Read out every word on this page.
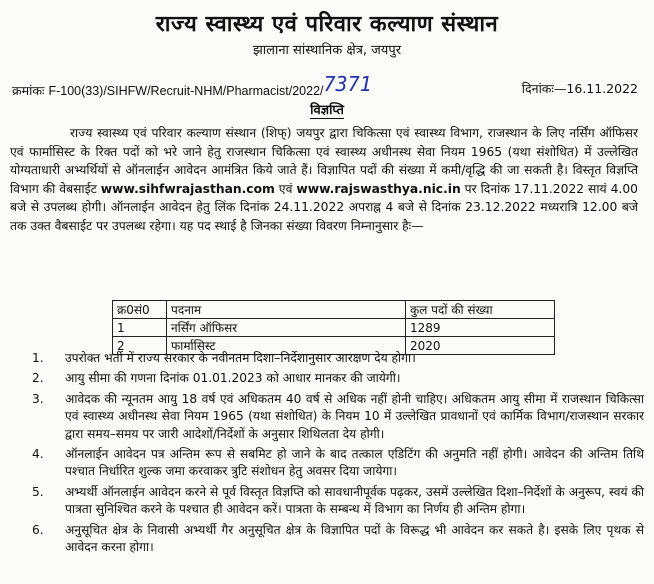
राज्य स्वास्थ्य एवं परिवार कल्याण संस्थान
झालाना सांस्थानिक क्षेत्र, जयपुर
क्रमांकः F-100(33)/SIHFW/Recruit-NHM/Pharmacist/2022/7371	दिनांकः—16.11.2022
विज्ञप्ति
राज्य स्वास्थ्य एवं परिवार कल्याण संस्थान (शिफ्) जयपुर द्वारा चिकित्सा एवं स्वास्थ्य विभाग, राजस्थान के लिए नर्सिंग ऑफिसर एवं फार्मासिस्ट के रिक्त पदों को भरे जाने हेतु राजस्थान चिकित्सा एवं स्वास्थ्य अधीनस्थ सेवा नियम 1965 (यथा संशोधित) में उल्लेखित योग्यताधारी अभ्यर्थियों से ऑनलाईन आवेदन आमंत्रित किये जाते हैं। विज्ञापित पदों की संख्या में कमी/वृद्धि की जा सकती है। विस्तृत विज्ञप्ति विभाग की वेबसाईट www.sihfwrajasthan.com एवं www.rajswasthya.nic.in पर दिनांक 17.11.2022 सायं 4.00 बजे से उपलब्ध होगी। ऑनलाईन आवेदन हेतु लिंक दिनांक 24.11.2022 अपराह्न 4 बजे से दिनांक 23.12.2022 मध्यरात्रि 12.00 बजे तक उक्त वैबसाईट पर उपलब्ध रहेगा। यह पद स्थाई है जिनका संख्या विवरण निम्नानुसार हैः—
क्र0सं0	पदनाम	कुल पदों की संख्या
1	नर्सिंग ऑफिसर	1289
2	फार्मासिस्ट	2020
1.	उपरोक्त भर्ती में राज्य सरकार के नवीनतम दिशा–निर्देशानुसार आरक्षण देय होगा।
2.	आयु सीमा की गणना दिनांक 01.01.2023 को आधार मानकर की जायेगी।
3.	आवेदक की न्यूनतम आयु 18 वर्ष एवं अधिकतम 40 वर्ष से अधिक नहीं होनी चाहिए। अधिकतम आयु सीमा में राजस्थान चिकित्सा एवं स्वास्थ्य अधीनस्थ सेवा नियम 1965 (यथा संशोधित) के नियम 10 में उल्लेखित प्रावधानों एवं कार्मिक विभाग/राजस्थान सरकार द्वारा समय–समय पर जारी आदेशों/निर्देशों के अनुसार शिथिलता देय होगी।
4.	ऑनलाईन आवेदन पत्र अन्तिम रूप से सबमिट हो जाने के बाद तत्काल एडिटिंग की अनुमति नहीं होगी। आवेदन की अन्तिम तिथि पश्चात निर्धारित शुल्क जमा करवाकर त्रुटि संशोधन हेतु अवसर दिया जायेगा।
5.	अभ्यर्थी ऑनलाईन आवेदन करने से पूर्व विस्तृत विज्ञप्ति को सावधानीपूर्वक पढ़कर, उसमें उल्लेखित दिशा–निर्देशों के अनुरूप, स्वयं की पात्रता सुनिश्चित करने के पश्चात ही आवेदन करें। पात्रता के सम्बन्ध में विभाग का निर्णय ही अन्तिम होगा।
6.	अनुसूचित क्षेत्र के निवासी अभ्यर्थी गैर अनुसूचित क्षेत्र के विज्ञापित पदों के विरूद्ध भी आवेदन कर सकते है। इसके लिए पृथक से आवेदन करना होगा।
